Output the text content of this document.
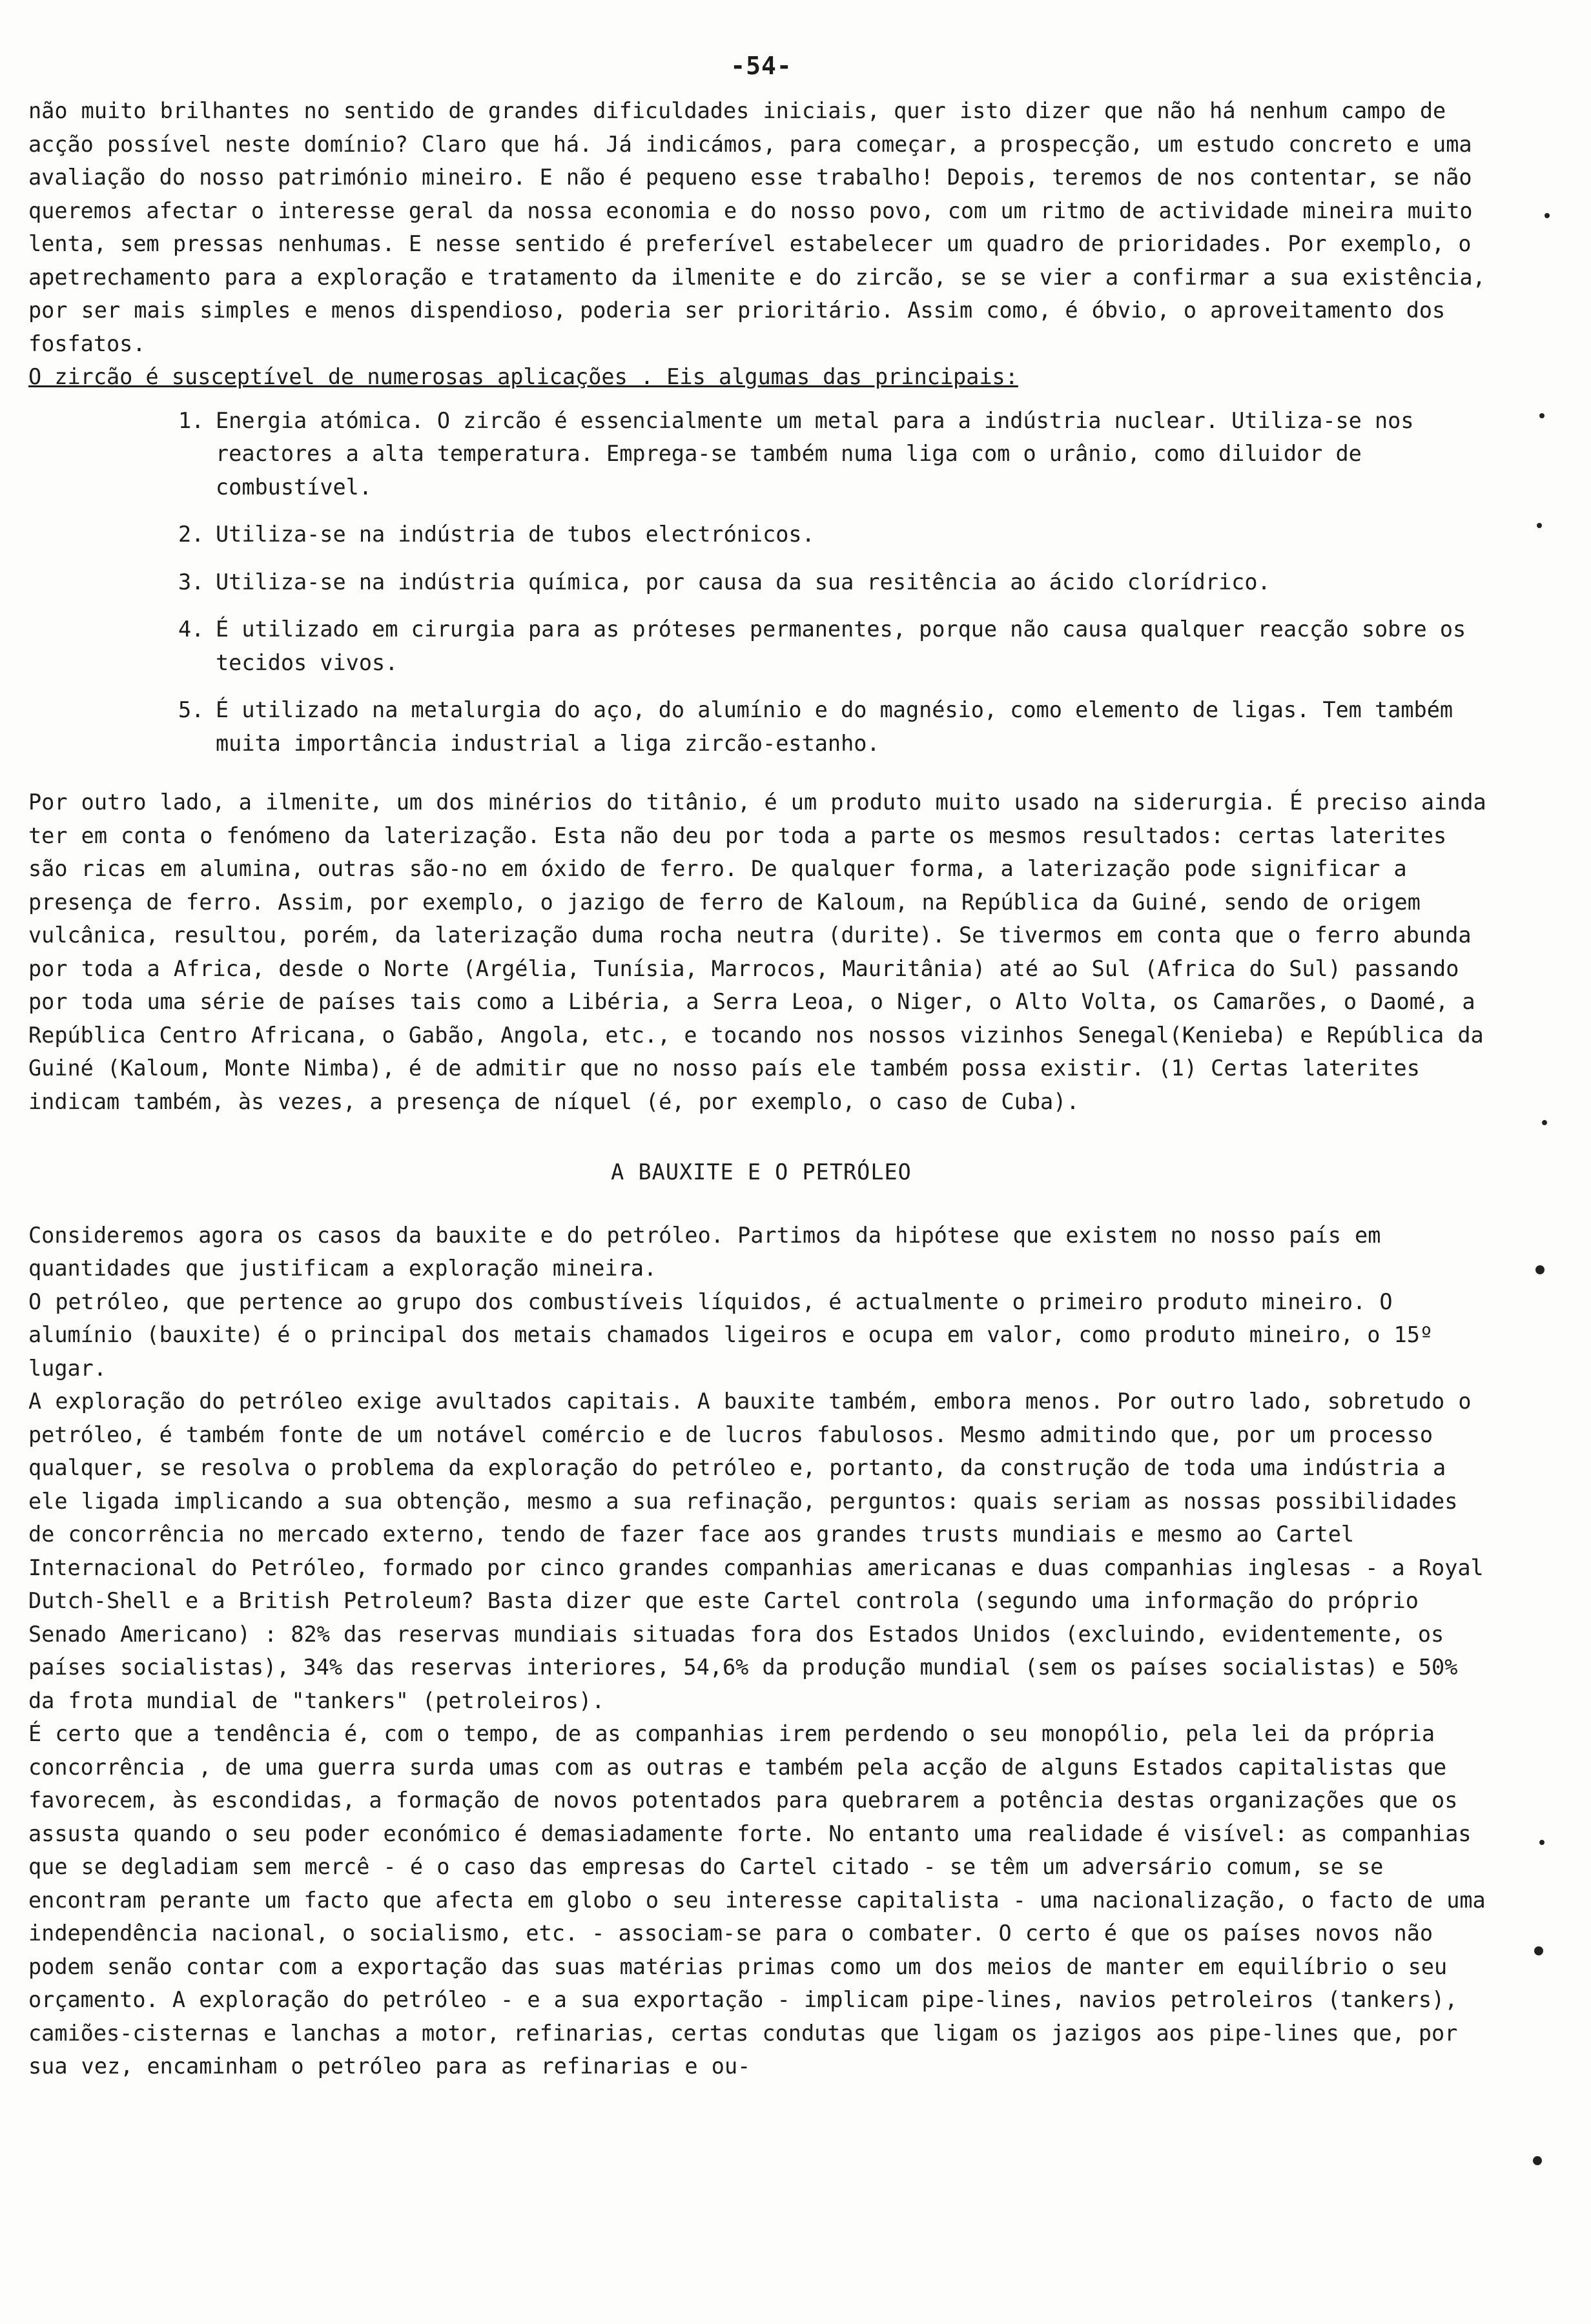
-54-

não muito brilhantes no sentido de grandes dificuldades iniciais, quer isto dizer que não há nenhum campo de acção possível neste domínio? Claro que há. Já indicámos, para começar, a prospecção, um estudo concreto e uma avaliação do nosso património mineiro. E não é pequeno esse trabalho! Depois, teremos de nos contentar, se não queremos afectar o interesse geral da nossa economia e do nosso povo, com um ritmo de actividade mineira muito lenta, sem pressas nenhumas. E nesse sentido é preferível estabelecer um quadro de prioridades. Por exemplo, o apetrechamento para a exploração e tratamento da ilmenite e do zircão, se se vier a confirmar a sua existência, por ser mais simples e menos dispendioso, poderia ser prioritário. Assim como, é óbvio, o aproveitamento dos fosfatos.

O zircão é susceptível de numerosas aplicações . Eis algumas das principais:

1. Energia atómica. O zircão é essencialmente um metal para a indústria nuclear. Utiliza-se nos reactores a alta temperatura. Emprega-se também numa liga com o urânio, como diluidor de combustível.
2. Utiliza-se na indústria de tubos electrónicos.
3. Utiliza-se na indústria química, por causa da sua resitência ao ácido clorídrico.
4. É utilizado em cirurgia para as próteses permanentes, porque não causa qualquer reacção sobre os tecidos vivos.
5. É utilizado na metalurgia do aço, do alumínio e do magnésio, como elemento de ligas. Tem também muita importância industrial a liga zircão-estanho.

Por outro lado, a ilmenite, um dos minérios do titânio, é um produto muito usado na siderurgia. É preciso ainda ter em conta o fenómeno da laterização. Esta não deu por toda a parte os mesmos resultados: certas laterites são ricas em alumina, outras são-no em óxido de ferro. De qualquer forma, a laterização pode significar a presença de ferro. Assim, por exemplo, o jazigo de ferro de Kaloum, na República da Guiné, sendo de origem vulcânica, resultou, porém, da laterização duma rocha neutra (durite). Se tivermos em conta que o ferro abunda por toda a Africa, desde o Norte (Argélia, Tunísia, Marrocos, Mauritânia) até ao Sul (Africa do Sul) passando por toda uma série de países tais como a Libéria, a Serra Leoa, o Niger, o Alto Volta, os Camarões, o Daomé, a República Centro Africana, o Gabão, Angola, etc., e tocando nos nossos vizinhos Senegal(Kenieba) e República da Guiné (Kaloum, Monte Nimba), é de admitir que no nosso país ele também possa existir. (1) Certas laterites indicam também, às vezes, a presença de níquel (é, por exemplo, o caso de Cuba).

A BAUXITE E O PETRÓLEO

Consideremos agora os casos da bauxite e do petróleo. Partimos da hipótese que existem no nosso país em quantidades que justificam a exploração mineira.

O petróleo, que pertence ao grupo dos combustíveis líquidos, é actualmente o primeiro produto mineiro. O alumínio (bauxite) é o principal dos metais chamados ligeiros e ocupa em valor, como produto mineiro, o 15º lugar.

A exploração do petróleo exige avultados capitais. A bauxite também, embora menos. Por outro lado, sobretudo o petróleo, é também fonte de um notável comércio e de lucros fabulosos. Mesmo admitindo que, por um processo qualquer, se resolva o problema da exploração do petróleo e, portanto, da construção de toda uma indústria a ele ligada implicando a sua obtenção, mesmo a sua refinação, perguntos: quais seriam as nossas possibilidades de concorrência no mercado externo, tendo de fazer face aos grandes trusts mundiais e mesmo ao Cartel Internacional do Petróleo, formado por cinco grandes companhias americanas e duas companhias inglesas - a Royal Dutch-Shell e a British Petroleum? Basta dizer que este Cartel controla (segundo uma informação do próprio Senado Americano) : 82% das reservas mundiais situadas fora dos Estados Unidos (excluindo, evidentemente, os países socialistas), 34% das reservas interiores, 54,6% da produção mundial (sem os países socialistas) e 50% da frota mundial de "tankers" (petroleiros).

É certo que a tendência é, com o tempo, de as companhias irem perdendo o seu monopólio, pela lei da própria concorrência , de uma guerra surda umas com as outras e também pela acção de alguns Estados capitalistas que favorecem, às escondidas, a formação de novos potentados para quebrarem a potência destas organizações que os assusta quando o seu poder económico é demasiadamente forte. No entanto uma realidade é visível: as companhias que se degladiam sem mercê - é o caso das empresas do Cartel citado - se têm um adversário comum, se se encontram perante um facto que afecta em globo o seu interesse capitalista - uma nacionalização, o facto de uma independência nacional, o socialismo, etc. - associam-se para o combater. O certo é que os países novos não podem senão contar com a exportação das suas matérias primas como um dos meios de manter em equilíbrio o seu orçamento. A exploração do petróleo - e a sua exportação - implicam pipe-lines, navios petroleiros (tankers), camiões-cisternas e lanchas a motor, refinarias, certas condutas que ligam os jazigos aos pipe-lines que, por sua vez, encaminham o petróleo para as refinarias e ou-
